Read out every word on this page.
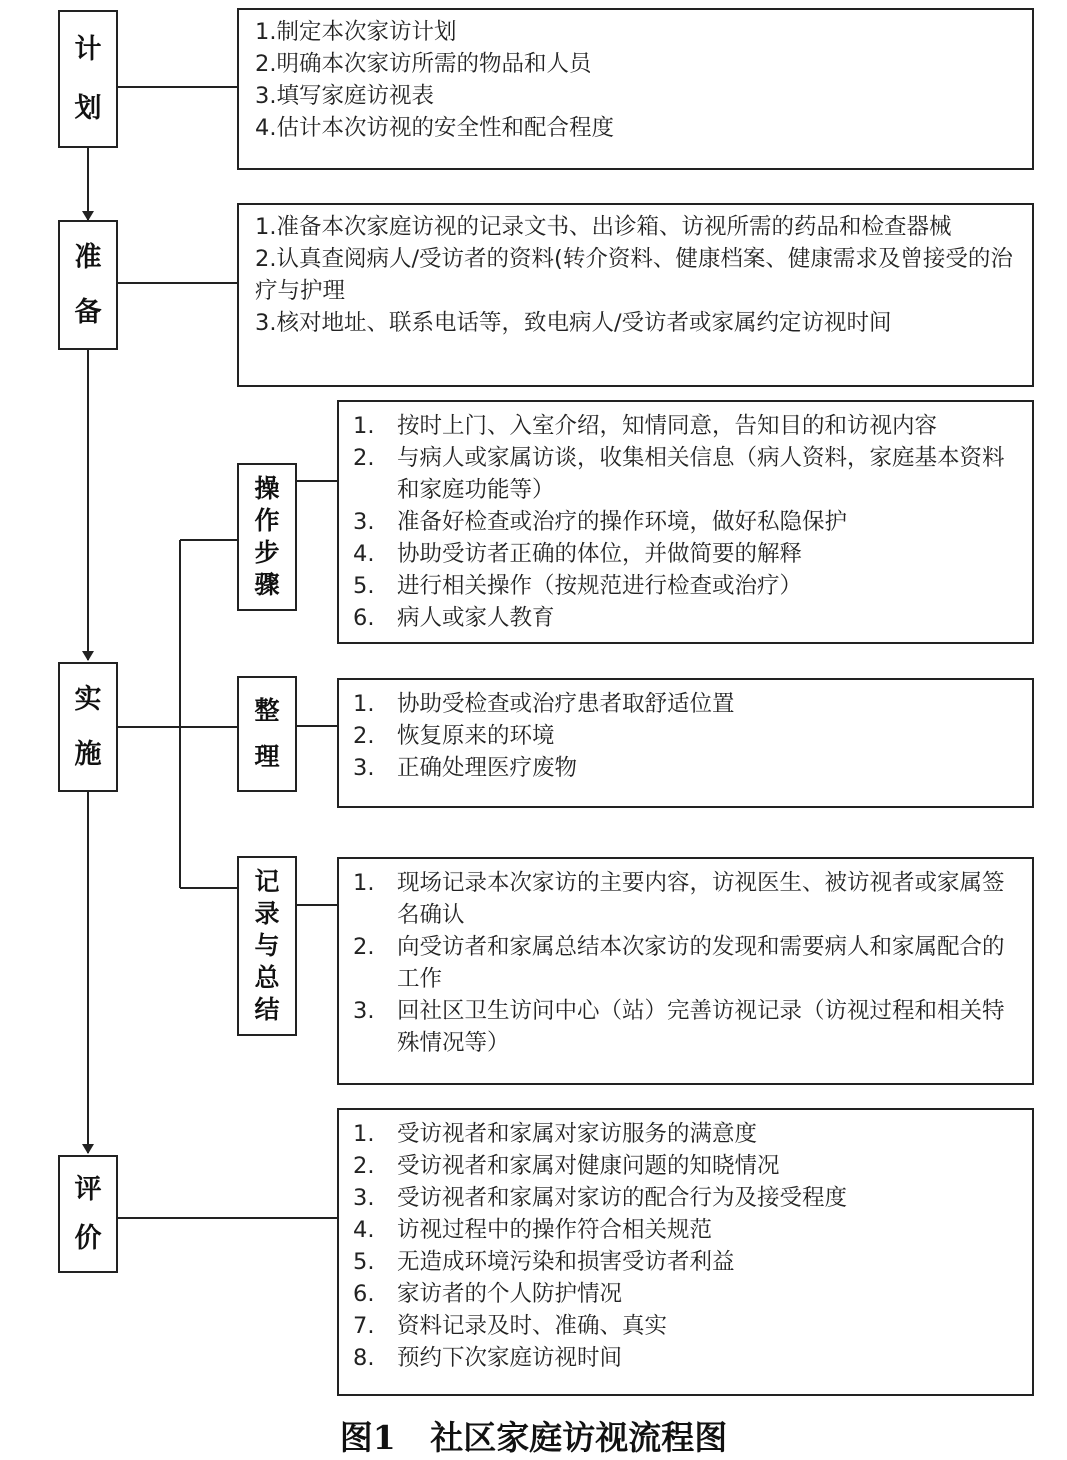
计
划
准
备
实
施
评
价
操
作
步
骤
整
理
记
录
与
总
结
1.制定本次家访计划
2.明确本次家访所需的物品和人员
3.填写家庭访视表
4.估计本次访视的安全性和配合程度
1.准备本次家庭访视的记录文书、出诊箱、访视所需的药品和检查器械
2.认真查阅病人/受访者的资料(转介资料、健康档案、健康需求及曾接受的治疗与护理
3.核对地址、联系电话等，致电病人/受访者或家属约定访视时间
1.	按时上门、入室介绍，知情同意，告知目的和访视内容
2.	与病人或家属访谈，收集相关信息（病人资料，家庭基本资料和家庭功能等）
3.	准备好检查或治疗的操作环境，做好私隐保护
4.	协助受访者正确的体位，并做简要的解释
5.	进行相关操作（按规范进行检查或治疗）
6.	病人或家人教育
1.	协助受检查或治疗患者取舒适位置
2.	恢复原来的环境
3.	正确处理医疗废物
1.	现场记录本次家访的主要内容，访视医生、被访视者或家属签名确认
2.	向受访者和家属总结本次家访的发现和需要病人和家属配合的工作
3.	回社区卫生访问中心（站）完善访视记录（访视过程和相关特殊情况等）
1.	受访视者和家属对家访服务的满意度
2.	受访视者和家属对健康问题的知晓情况
3.	受访视者和家属对家访的配合行为及接受程度
4.	访视过程中的操作符合相关规范
5.	无造成环境污染和损害受访者利益
6.	家访者的个人防护情况
7.	资料记录及时、准确、真实
8.	预约下次家庭访视时间
图1   社区家庭访视流程图
